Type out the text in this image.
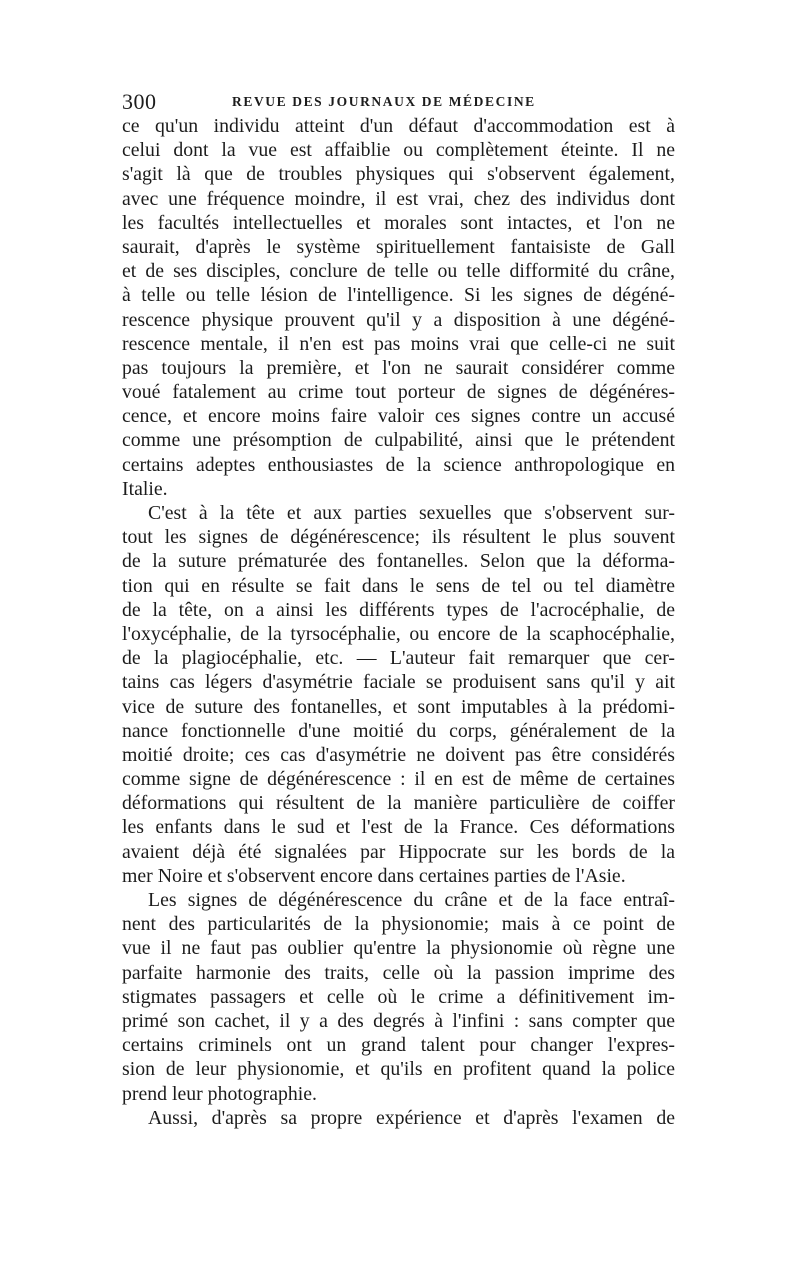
300	REVUE DES JOURNAUX DE MÉDECINE
ce qu'un individu atteint d'un défaut d'accommodation est à
celui dont la vue est affaiblie ou complètement éteinte. Il ne
s'agit là que de troubles physiques qui s'observent également,
avec une fréquence moindre, il est vrai, chez des individus dont
les facultés intellectuelles et morales sont intactes, et l'on ne
saurait, d'après le système spirituellement fantaisiste de Gall
et de ses disciples, conclure de telle ou telle difformité du crâne,
à telle ou telle lésion de l'intelligence. Si les signes de dégéné-
rescence physique prouvent qu'il y a disposition à une dégéné-
rescence mentale, il n'en est pas moins vrai que celle-ci ne suit
pas toujours la première, et l'on ne saurait considérer comme
voué fatalement au crime tout porteur de signes de dégénéres-
cence, et encore moins faire valoir ces signes contre un accusé
comme une présomption de culpabilité, ainsi que le prétendent
certains adeptes enthousiastes de la science anthropologique en
Italie.
C'est à la tête et aux parties sexuelles que s'observent sur-
tout les signes de dégénérescence; ils résultent le plus souvent
de la suture prématurée des fontanelles. Selon que la déforma-
tion qui en résulte se fait dans le sens de tel ou tel diamètre
de la tête, on a ainsi les différents types de l'acrocéphalie, de
l'oxycéphalie, de la tyrsocéphalie, ou encore de la scaphocéphalie,
de la plagiocéphalie, etc. — L'auteur fait remarquer que cer-
tains cas légers d'asymétrie faciale se produisent sans qu'il y ait
vice de suture des fontanelles, et sont imputables à la prédomi-
nance fonctionnelle d'une moitié du corps, généralement de la
moitié droite; ces cas d'asymétrie ne doivent pas être considérés
comme signe de dégénérescence : il en est de même de certaines
déformations qui résultent de la manière particulière de coiffer
les enfants dans le sud et l'est de la France. Ces déformations
avaient déjà été signalées par Hippocrate sur les bords de la
mer Noire et s'observent encore dans certaines parties de l'Asie.
Les signes de dégénérescence du crâne et de la face entraî-
nent des particularités de la physionomie; mais à ce point de
vue il ne faut pas oublier qu'entre la physionomie où règne une
parfaite harmonie des traits, celle où la passion imprime des
stigmates passagers et celle où le crime a définitivement im-
primé son cachet, il y a des degrés à l'infini : sans compter que
certains criminels ont un grand talent pour changer l'expres-
sion de leur physionomie, et qu'ils en profitent quand la police
prend leur photographie.
Aussi, d'après sa propre expérience et d'après l'examen de
